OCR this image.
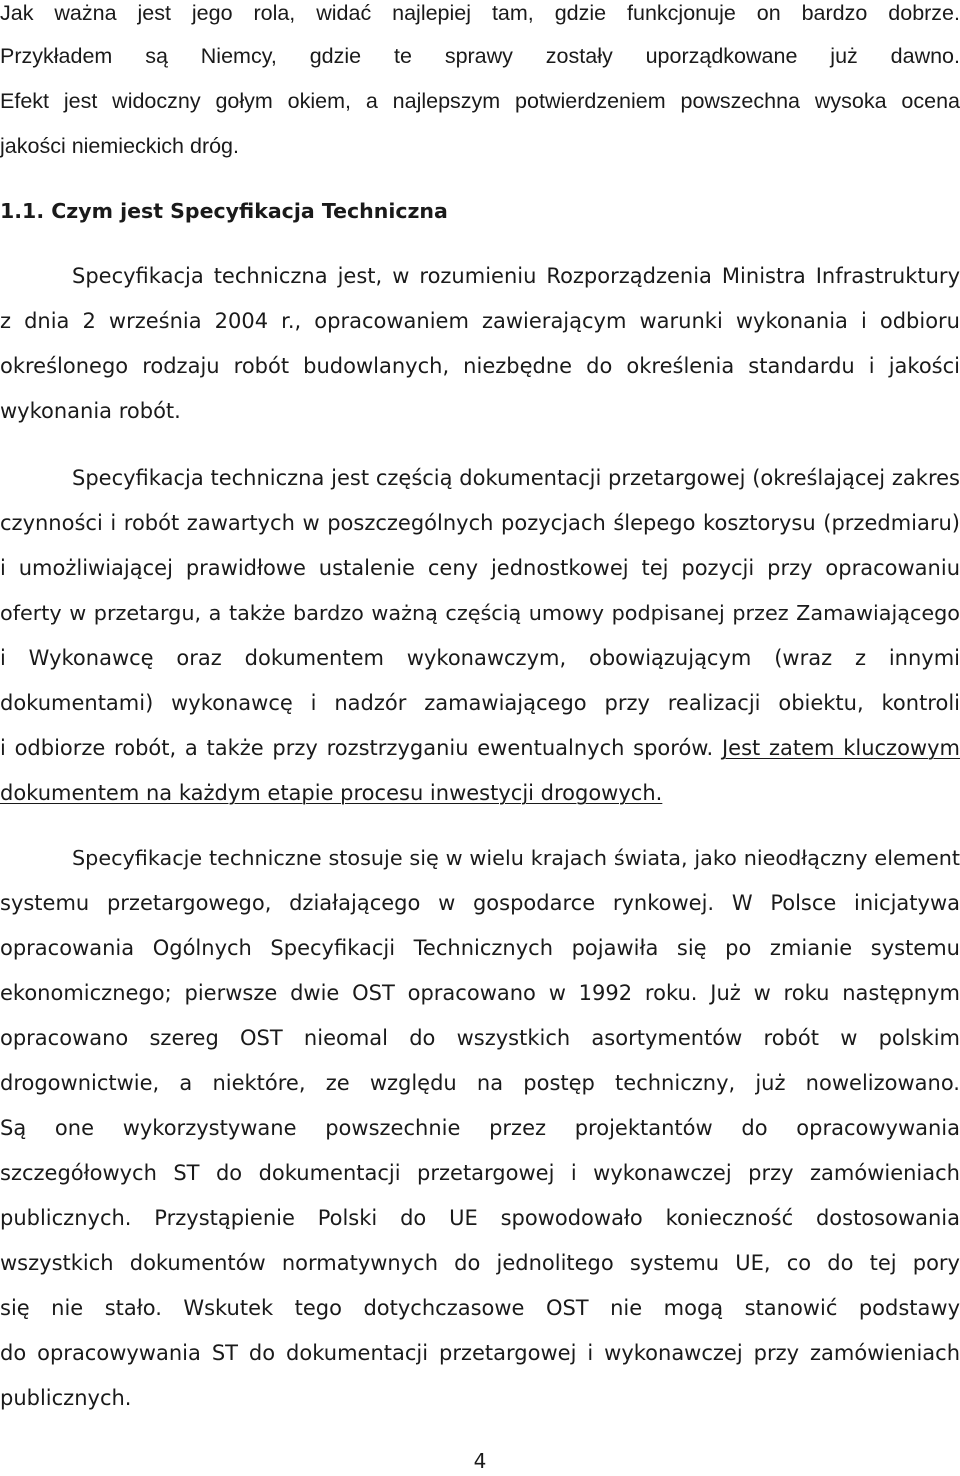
Jak ważna jest jego rola, widać najlepiej tam, gdzie funkcjonuje on bardzo dobrze.
Przykładem są Niemcy, gdzie te sprawy zostały uporządkowane już dawno.
Efekt jest widoczny gołym okiem, a najlepszym potwierdzeniem powszechna wysoka ocena
jakości niemieckich dróg.
1.1. Czym jest Specyfikacja Techniczna
Specyfikacja techniczna jest, w rozumieniu Rozporządzenia Ministra Infrastruktury
z dnia 2 września 2004 r., opracowaniem zawierającym warunki wykonania i odbioru
określonego rodzaju robót budowlanych, niezbędne do określenia standardu i jakości
wykonania robót.
Specyfikacja techniczna jest częścią dokumentacji przetargowej (określającej zakres
czynności i robót zawartych w poszczególnych pozycjach ślepego kosztorysu (przedmiaru)
i umożliwiającej prawidłowe ustalenie ceny jednostkowej tej pozycji przy opracowaniu
oferty w przetargu, a także bardzo ważną częścią umowy podpisanej przez Zamawiającego
i Wykonawcę oraz dokumentem wykonawczym, obowiązującym (wraz z innymi
dokumentami) wykonawcę i nadzór zamawiającego przy realizacji obiektu, kontroli
i odbiorze robót, a także przy rozstrzyganiu ewentualnych sporów. Jest zatem kluczowym
dokumentem na każdym etapie procesu inwestycji drogowych.
Specyfikacje techniczne stosuje się w wielu krajach świata, jako nieodłączny element
systemu przetargowego, działającego w gospodarce rynkowej. W Polsce inicjatywa
opracowania Ogólnych Specyfikacji Technicznych pojawiła się po zmianie systemu
ekonomicznego; pierwsze dwie OST opracowano w 1992 roku. Już w roku następnym
opracowano szereg OST nieomal do wszystkich asortymentów robót w polskim
drogownictwie, a niektóre, ze względu na postęp techniczny, już nowelizowano.
Są one wykorzystywane powszechnie przez projektantów do opracowywania
szczegółowych ST do dokumentacji przetargowej i wykonawczej przy zamówieniach
publicznych. Przystąpienie Polski do UE spowodowało konieczność dostosowania
wszystkich dokumentów normatywnych do jednolitego systemu UE, co do tej pory
się nie stało. Wskutek tego dotychczasowe OST nie mogą stanowić podstawy
do opracowywania ST do dokumentacji przetargowej i wykonawczej przy zamówieniach
publicznych.
4
